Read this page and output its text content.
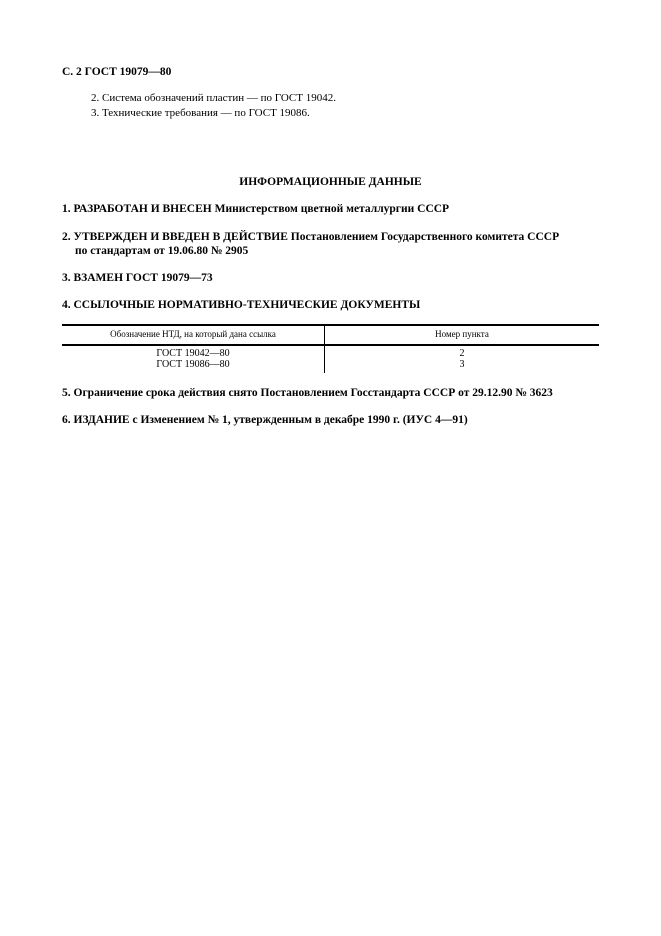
С. 2 ГОСТ 19079—80
2. Система обозначений пластин — по ГОСТ 19042.
3. Технические требования — по ГОСТ 19086.
ИНФОРМАЦИОННЫЕ ДАННЫЕ
1. РАЗРАБОТАН И ВНЕСЕН Министерством цветной металлургии СССР
2. УТВЕРЖДЕН И ВВЕДЕН В ДЕЙСТВИЕ Постановлением Государственного комитета СССР
по стандартам от 19.06.80 № 2905
3. ВЗАМЕН ГОСТ 19079—73
4. ССЫЛОЧНЫЕ НОРМАТИВНО-ТЕХНИЧЕСКИЕ ДОКУМЕНТЫ
Обозначение НТД, на который дана ссылка	Номер пункта
ГОСТ 19042—80	2
ГОСТ 19086—80	3
5. Ограничение срока действия снято Постановлением Госстандарта СССР от 29.12.90 № 3623
6. ИЗДАНИЕ с Изменением № 1, утвержденным в декабре 1990 г. (ИУС 4—91)
